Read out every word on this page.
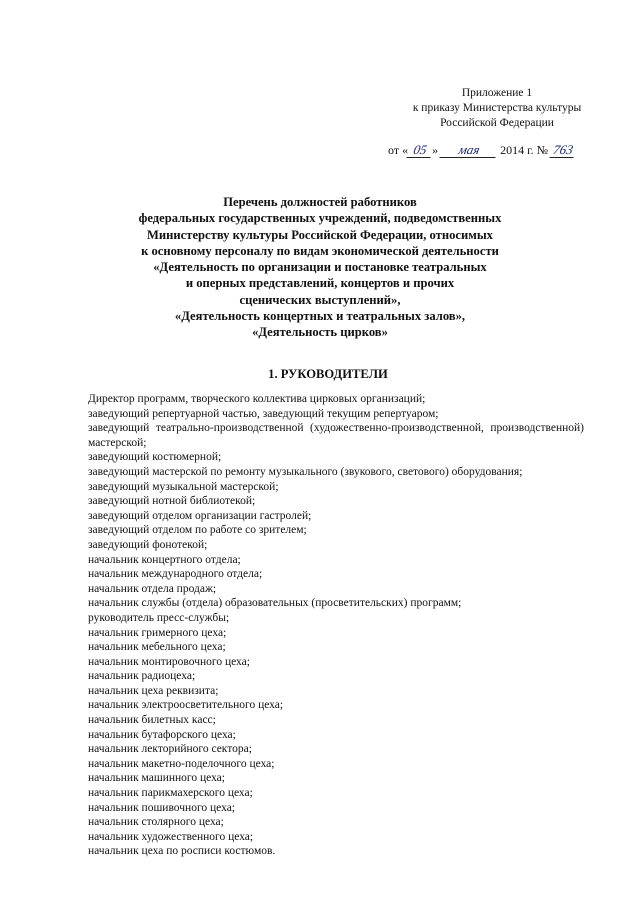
Приложение 1
к приказу Министерства культуры
Российской Федерации
от « 05 » мая 2014 г. № 763
Перечень должностей работников
федеральных государственных учреждений, подведомственных
Министерству культуры Российской Федерации, относимых
к основному персоналу по видам экономической деятельности
«Деятельность по организации и постановке театральных
и оперных представлений, концертов и прочих
сценических выступлений»,
«Деятельность концертных и театральных залов»,
«Деятельность цирков»
1. РУКОВОДИТЕЛИ
Директор программ, творческого коллектива цирковых организаций;
заведующий репертуарной частью, заведующий текущим репертуаром;
заведующий театрально-производственной (художественно-производственной, производственной) мастерской;
заведующий костюмерной;
заведующий мастерской по ремонту музыкального (звукового, светового) оборудования;
заведующий музыкальной мастерской;
заведующий нотной библиотекой;
заведующий отделом организации гастролей;
заведующий отделом по работе со зрителем;
заведующий фонотекой;
начальник концертного отдела;
начальник международного отдела;
начальник отдела продаж;
начальник службы (отдела) образовательных (просветительских) программ;
руководитель пресс-службы;
начальник гримерного цеха;
начальник мебельного цеха;
начальник монтировочного цеха;
начальник радиоцеха;
начальник цеха реквизита;
начальник электроосветительного цеха;
начальник билетных касс;
начальник бутафорского цеха;
начальник лекторийного сектора;
начальник макетно-поделочного цеха;
начальник машинного цеха;
начальник парикмахерского цеха;
начальник пошивочного цеха;
начальник столярного цеха;
начальник художественного цеха;
начальник цеха по росписи костюмов.
